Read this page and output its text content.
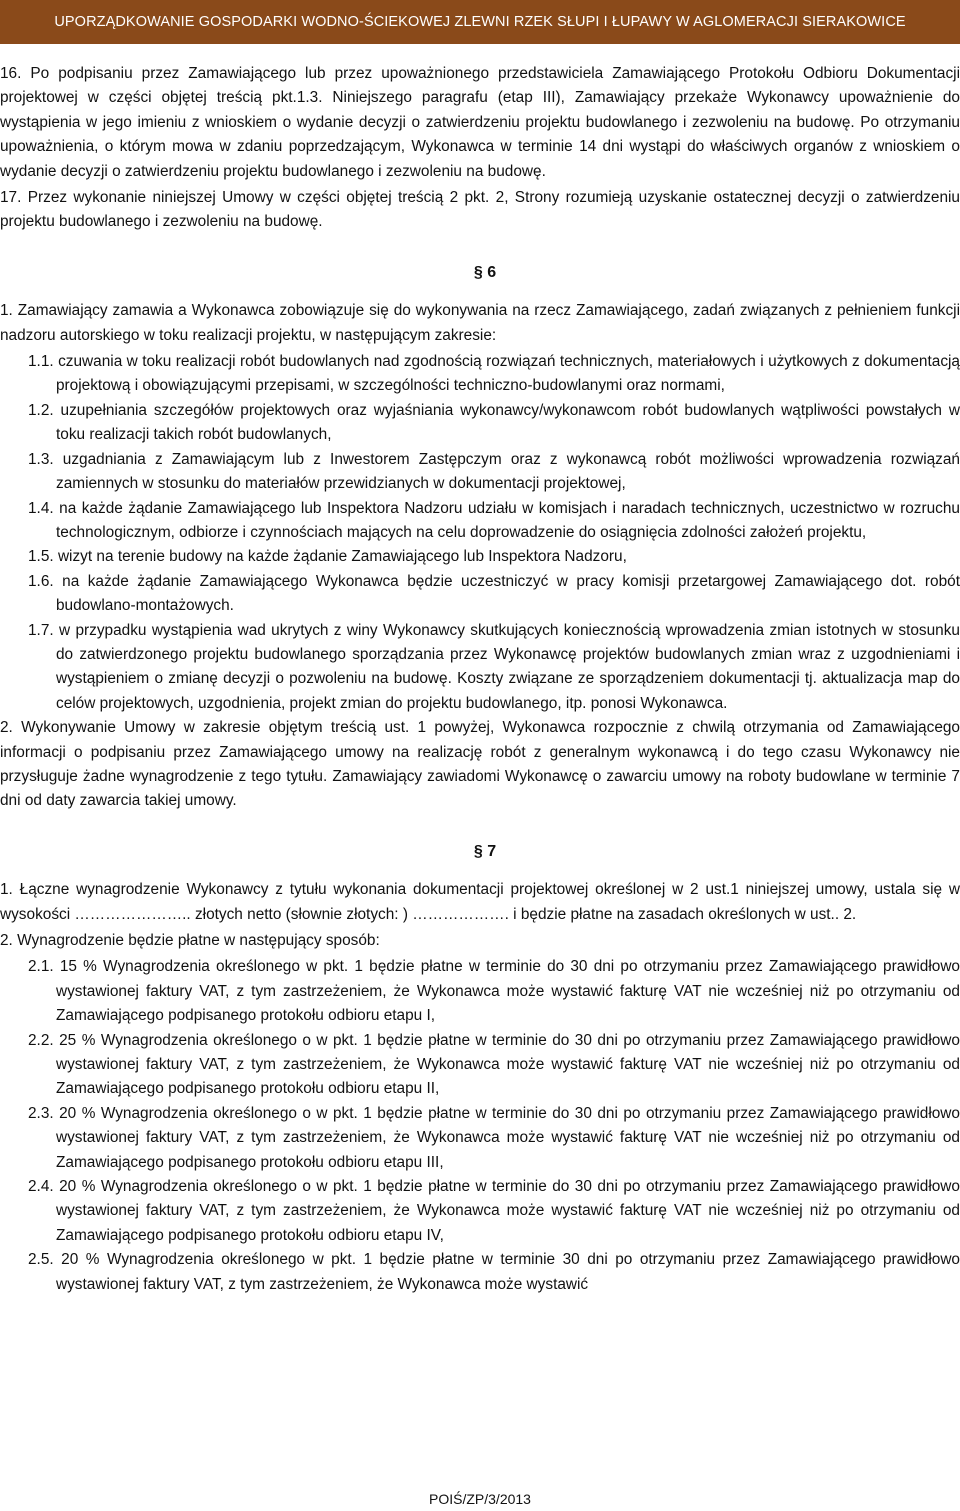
UPORZĄDKOWANIE GOSPODARKI WODNO-ŚCIEKOWEJ ZLEWNI RZEK SŁUPI I ŁUPAWY W AGLOMERACJI SIERAKOWICE
16. Po podpisaniu przez Zamawiającego lub przez upoważnionego przedstawiciela Zamawiającego Protokołu Odbioru Dokumentacji projektowej w części objętej treścią pkt.1.3. Niniejszego paragrafu (etap III), Zamawiający przekaże Wykonawcy upoważnienie do wystąpienia w jego imieniu z wnioskiem o wydanie decyzji o zatwierdzeniu projektu budowlanego i zezwoleniu na budowę. Po otrzymaniu upoważnienia, o którym mowa w zdaniu poprzedzającym, Wykonawca w terminie 14 dni wystąpi do właściwych organów z wnioskiem o wydanie decyzji o zatwierdzeniu projektu budowlanego i zezwoleniu na budowę.
17. Przez wykonanie niniejszej Umowy w części objętej treścią 2 pkt. 2, Strony rozumieją uzyskanie ostatecznej decyzji o zatwierdzeniu projektu budowlanego i zezwoleniu na budowę.
§ 6
1. Zamawiający zamawia a Wykonawca zobowiązuje się do wykonywania na rzecz Zamawiającego, zadań związanych z pełnieniem funkcji nadzoru autorskiego w toku realizacji projektu, w następującym zakresie:
1.1. czuwania w toku realizacji robót budowlanych nad zgodnością rozwiązań technicznych, materiałowych i użytkowych z dokumentacją projektową i obowiązującymi przepisami, w szczególności techniczno-budowlanymi oraz normami,
1.2. uzupełniania szczegółów projektowych oraz wyjaśniania wykonawcy/wykonawcom robót budowlanych wątpliwości powstałych w toku realizacji takich robót budowlanych,
1.3. uzgadniania z Zamawiającym lub z Inwestorem Zastępczym oraz z wykonawcą robót możliwości wprowadzenia rozwiązań zamiennych w stosunku do materiałów przewidzianych w dokumentacji projektowej,
1.4. na każde żądanie Zamawiającego lub Inspektora Nadzoru udziału w komisjach i naradach technicznych, uczestnictwo w rozruchu technologicznym, odbiorze i czynnościach mających na celu doprowadzenie do osiągnięcia zdolności założeń projektu,
1.5. wizyt na terenie budowy na każde żądanie Zamawiającego lub Inspektora Nadzoru,
1.6. na każde żądanie Zamawiającego Wykonawca będzie uczestniczyć w pracy komisji przetargowej Zamawiającego dot. robót budowlano-montażowych.
1.7. w przypadku wystąpienia wad ukrytych z winy Wykonawcy skutkujących koniecznością wprowadzenia zmian istotnych w stosunku do zatwierdzonego projektu budowlanego sporządzania przez Wykonawcę projektów budowlanych zmian wraz z uzgodnieniami i wystąpieniem o zmianę decyzji o pozwoleniu na budowę. Koszty związane ze sporządzeniem dokumentacji tj. aktualizacja map do celów projektowych, uzgodnienia, projekt zmian do projektu budowlanego, itp. ponosi Wykonawca.
2. Wykonywanie Umowy w zakresie objętym treścią ust. 1 powyżej, Wykonawca rozpocznie z chwilą otrzymania od Zamawiającego informacji o podpisaniu przez Zamawiającego umowy na realizację robót z generalnym wykonawcą i do tego czasu Wykonawcy nie przysługuje żadne wynagrodzenie z tego tytułu. Zamawiający zawiadomi Wykonawcę o zawarciu umowy na roboty budowlane w terminie 7 dni od daty zawarcia takiej umowy.
§ 7
1. Łączne wynagrodzenie Wykonawcy z tytułu wykonania dokumentacji projektowej określonej w 2 ust.1 niniejszej umowy, ustala się w wysokości ………………….. złotych netto (słownie złotych: ) ………………. i będzie płatne na zasadach określonych w ust.. 2.
2. Wynagrodzenie będzie płatne w następujący sposób:
2.1. 15 % Wynagrodzenia określonego w pkt. 1 będzie płatne w terminie do 30 dni po otrzymaniu przez Zamawiającego prawidłowo wystawionej faktury VAT, z tym zastrzeżeniem, że Wykonawca może wystawić fakturę VAT nie wcześniej niż po otrzymaniu od Zamawiającego podpisanego protokołu odbioru etapu I,
2.2. 25 % Wynagrodzenia określonego o w pkt. 1 będzie płatne w terminie do 30 dni po otrzymaniu przez Zamawiającego prawidłowo wystawionej faktury VAT, z tym zastrzeżeniem, że Wykonawca może wystawić fakturę VAT nie wcześniej niż po otrzymaniu od Zamawiającego podpisanego protokołu odbioru etapu II,
2.3. 20 % Wynagrodzenia określonego o w pkt. 1 będzie płatne w terminie do 30 dni po otrzymaniu przez Zamawiającego prawidłowo wystawionej faktury VAT, z tym zastrzeżeniem, że Wykonawca może wystawić fakturę VAT nie wcześniej niż po otrzymaniu od Zamawiającego podpisanego protokołu odbioru etapu III,
2.4. 20 % Wynagrodzenia określonego o w pkt. 1 będzie płatne w terminie do 30 dni po otrzymaniu przez Zamawiającego prawidłowo wystawionej faktury VAT, z tym zastrzeżeniem, że Wykonawca może wystawić fakturę VAT nie wcześniej niż po otrzymaniu od Zamawiającego podpisanego protokołu odbioru etapu IV,
2.5. 20 % Wynagrodzenia określonego w pkt. 1 będzie płatne w terminie 30 dni po otrzymaniu przez Zamawiającego prawidłowo wystawionej faktury VAT, z tym zastrzeżeniem, że Wykonawca może wystawić
POIŚ/ZP/3/2013
